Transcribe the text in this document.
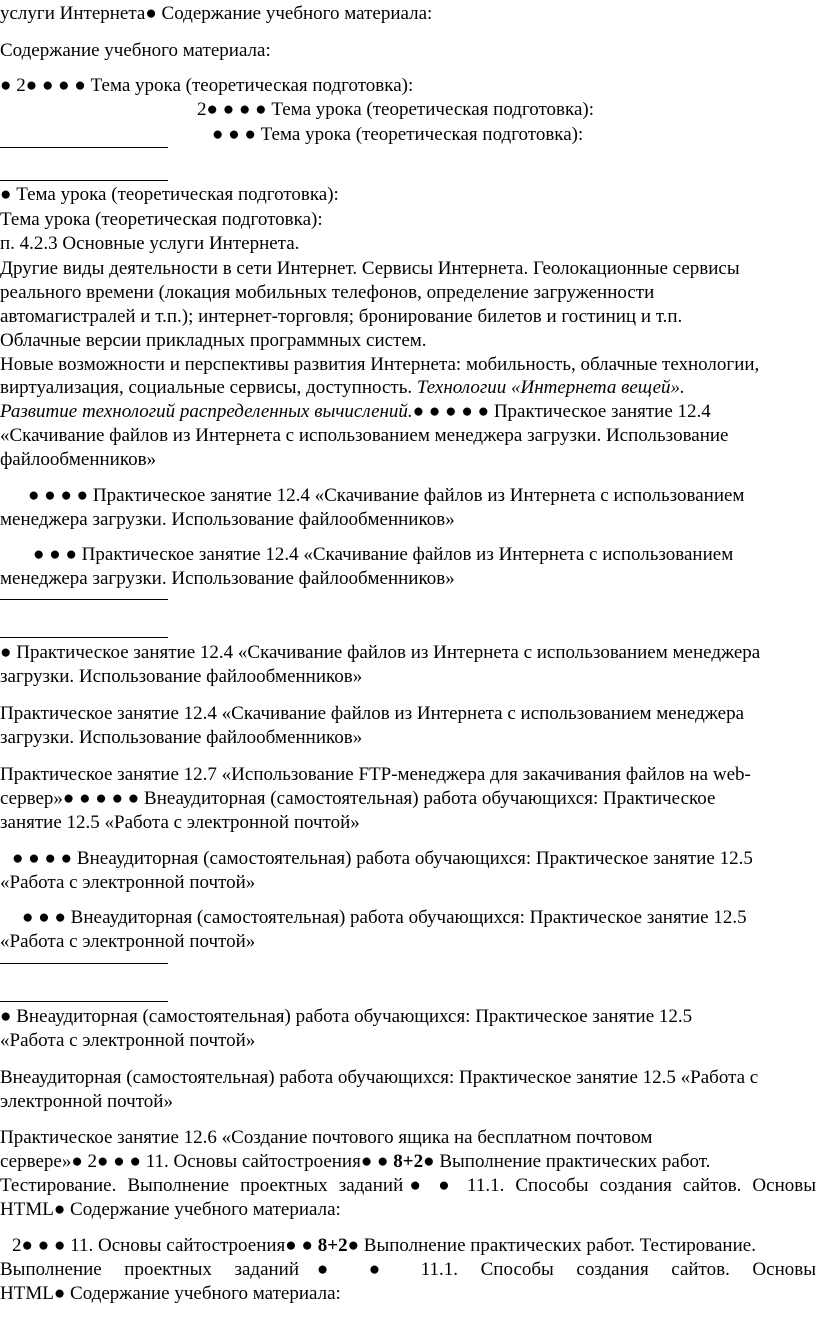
услуги Интернета● Содержание учебного материала:
Содержание учебного материала:
● 2● ● ● ● Тема урока (теоретическая подготовка):
2● ● ● ● Тема урока (теоретическая подготовка):
● ● ● Тема урока (теоретическая подготовка):
● Тема урока (теоретическая подготовка):
Тема урока (теоретическая подготовка):
п. 4.2.3 Основные услуги Интернета.
Другие виды деятельности в сети Интернет. Сервисы Интернета. Геолокационные сервисы
реального времени (локация мобильных телефонов, определение загруженности
автомагистралей и т.п.); интернет-торговля; бронирование билетов и гостиниц и т.п.
Облачные версии прикладных программных систем.
Новые возможности и перспективы развития Интернета: мобильность, облачные технологии,
виртуализация, социальные сервисы, доступность. Технологии «Интернета вещей».
Развитие технологий распределенных вычислений.● ● ● ● ● Практическое занятие 12.4
«Скачивание файлов из Интернета с использованием менеджера загрузки. Использование
файлообменников»
● ● ● ● Практическое занятие 12.4 «Скачивание файлов из Интернета с использованием
менеджера загрузки. Использование файлообменников»
● ● ● Практическое занятие 12.4 «Скачивание файлов из Интернета с использованием
менеджера загрузки. Использование файлообменников»
● Практическое занятие 12.4 «Скачивание файлов из Интернета с использованием менеджера
загрузки. Использование файлообменников»
Практическое занятие 12.4 «Скачивание файлов из Интернета с использованием менеджера
загрузки. Использование файлообменников»
Практическое занятие 12.7 «Использование FTP-менеджера для закачивания файлов на web-
сервер»● ● ● ● ● Внеаудиторная (самостоятельная) работа обучающихся: Практическое
занятие 12.5 «Работа с электронной почтой»
● ● ● ● Внеаудиторная (самостоятельная) работа обучающихся: Практическое занятие 12.5
«Работа с электронной почтой»
● ● ● Внеаудиторная (самостоятельная) работа обучающихся: Практическое занятие 12.5
«Работа с электронной почтой»
● Внеаудиторная (самостоятельная) работа обучающихся: Практическое занятие 12.5
«Работа с электронной почтой»
Внеаудиторная (самостоятельная) работа обучающихся: Практическое занятие 12.5 «Работа с
электронной почтой»
Практическое занятие 12.6 «Создание почтового ящика на бесплатном почтовом
сервере»● 2● ● ● 11. Основы сайтостроения● ● 8+2● Выполнение практических работ.
Тестирование. Выполнение проектных заданий● ● 11.1. Способы создания сайтов. Основы
HTML● Содержание учебного материала:
2● ● ● 11. Основы сайтостроения● ● 8+2● Выполнение практических работ. Тестирование.
Выполнение проектных заданий● ● 11.1. Способы создания сайтов. Основы
HTML● Содержание учебного материала:
